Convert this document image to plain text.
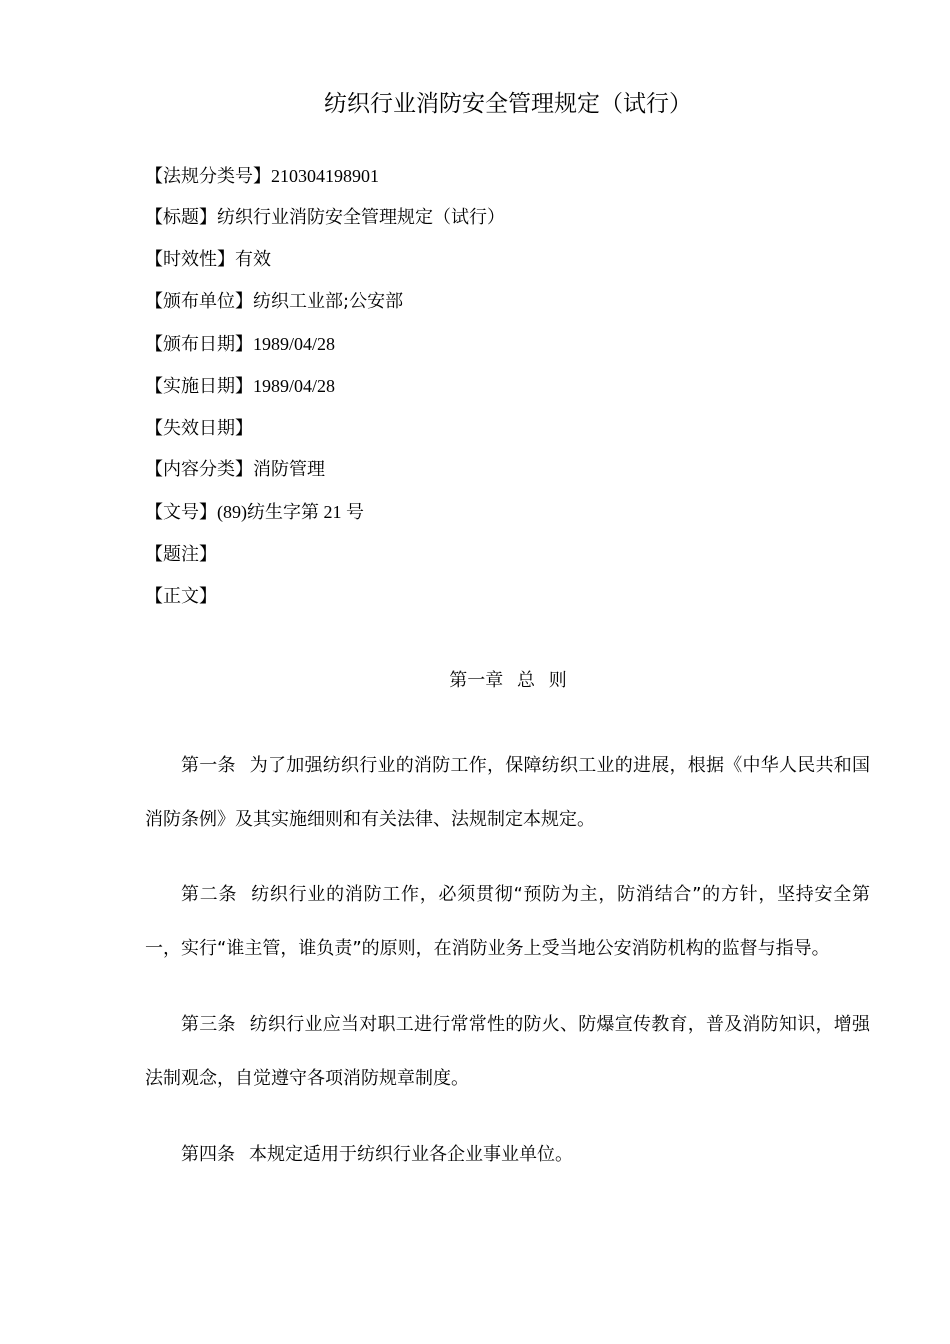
纺织行业消防安全管理规定（试行）
【法规分类号】210304198901
【标题】纺织行业消防安全管理规定（试行）
【时效性】有效
【颁布单位】纺织工业部;公安部
【颁布日期】1989/04/28
【实施日期】1989/04/28
【失效日期】
【内容分类】消防管理
【文号】(89)纺生字第 21 号
【题注】
【正文】
第一章 总 则
第一条 为了加强纺织行业的消防工作，保障纺织工业的进展，根据《中华人民共和国消防条例》及其实施细则和有关法律、法规制定本规定。
第二条 纺织行业的消防工作，必须贯彻“预防为主，防消结合”的方针，坚持安全第一，实行“谁主管，谁负责”的原则，在消防业务上受当地公安消防机构的监督与指导。
第三条 纺织行业应当对职工进行常常性的防火、防爆宣传教育，普及消防知识，增强法制观念，自觉遵守各项消防规章制度。
第四条 本规定适用于纺织行业各企业事业单位。
